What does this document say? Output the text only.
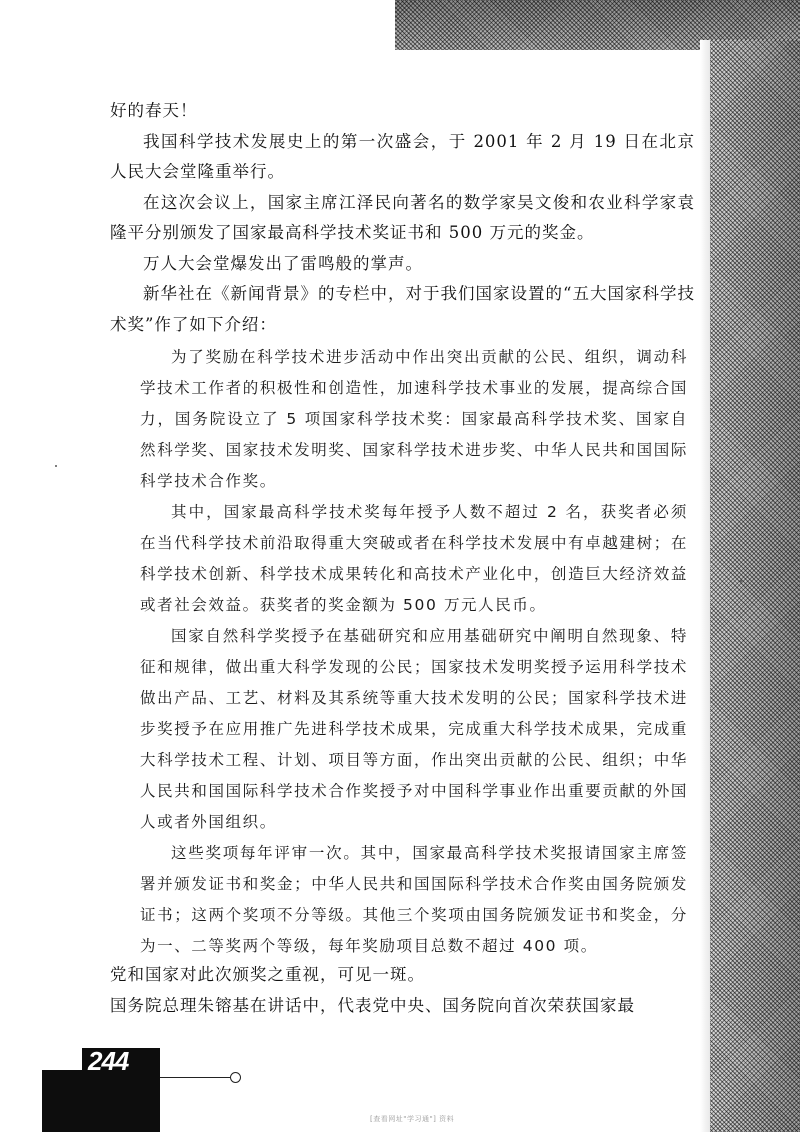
好的春天！

我国科学技术发展史上的第一次盛会，于 2001 年 2 月 19 日在北京人民大会堂隆重举行。

在这次会议上，国家主席江泽民向著名的数学家吴文俊和农业科学家袁隆平分别颁发了国家最高科学技术奖证书和 500 万元的奖金。

万人大会堂爆发出了雷鸣般的掌声。

新华社在《新闻背景》的专栏中，对于我们国家设置的“五大国家科学技术奖”作了如下介绍：

为了奖励在科学技术进步活动中作出突出贡献的公民、组织，调动科学技术工作者的积极性和创造性，加速科学技术事业的发展，提高综合国力，国务院设立了 5 项国家科学技术奖：国家最高科学技术奖、国家自然科学奖、国家技术发明奖、国家科学技术进步奖、中华人民共和国国际科学技术合作奖。

其中，国家最高科学技术奖每年授予人数不超过 2 名，获奖者必须在当代科学技术前沿取得重大突破或者在科学技术发展中有卓越建树；在科学技术创新、科学技术成果转化和高技术产业化中，创造巨大经济效益或者社会效益。获奖者的奖金额为 500 万元人民币。

国家自然科学奖授予在基础研究和应用基础研究中阐明自然现象、特征和规律，做出重大科学发现的公民；国家技术发明奖授予运用科学技术做出产品、工艺、材料及其系统等重大技术发明的公民；国家科学技术进步奖授予在应用推广先进科学技术成果，完成重大科学技术成果，完成重大科学技术工程、计划、项目等方面，作出突出贡献的公民、组织；中华人民共和国国际科学技术合作奖授予对中国科学事业作出重要贡献的外国人或者外国组织。

这些奖项每年评审一次。其中，国家最高科学技术奖报请国家主席签署并颁发证书和奖金；中华人民共和国国际科学技术合作奖由国务院颁发证书；这两个奖项不分等级。其他三个奖项由国务院颁发证书和奖金，分为一、二等奖两个等级，每年奖励项目总数不超过 400 项。

党和国家对此次颁奖之重视，可见一斑。

国务院总理朱镕基在讲话中，代表党中央、国务院向首次荣获国家最

244
[查看网址"学习通"] 资料
